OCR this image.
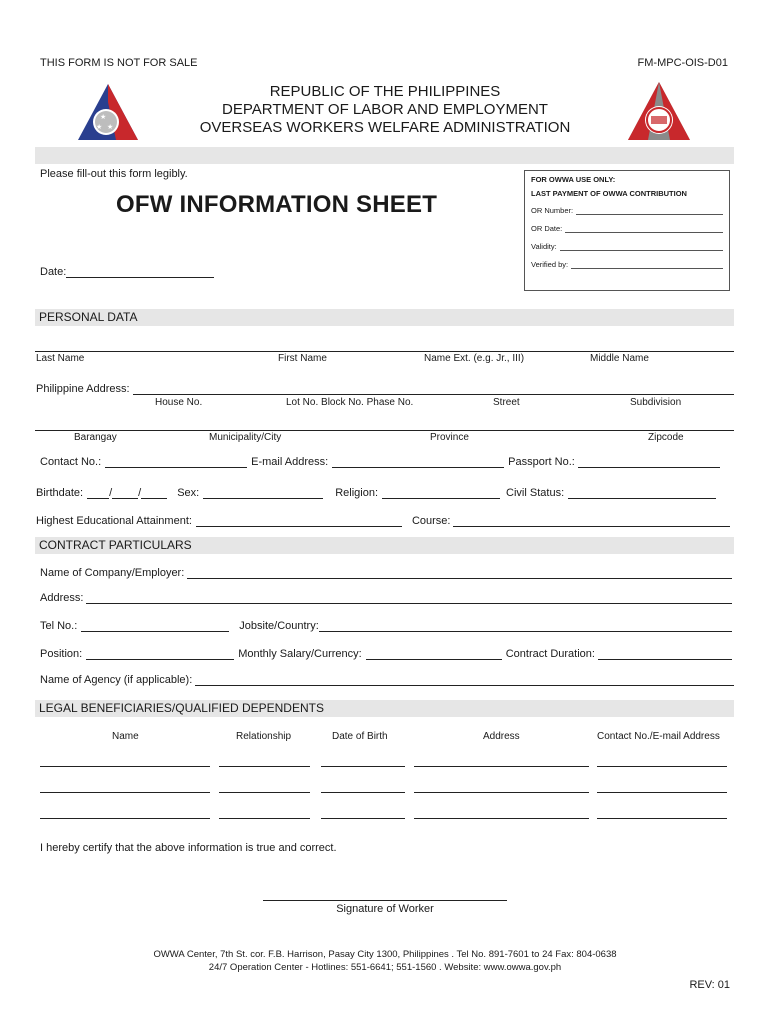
THIS FORM IS NOT FOR SALE	FM-MPC-OIS-D01
★
★
★
REPUBLIC OF THE PHILIPPINES
DEPARTMENT OF LABOR AND EMPLOYMENT
OVERSEAS WORKERS WELFARE ADMINISTRATION
Please fill-out this form legibly.
OFW INFORMATION SHEET
Date:
FOR OWWA USE ONLY:
LAST PAYMENT OF OWWA CONTRIBUTION
OR Number:
OR Date:
Validity:
Verified by:
PERSONAL DATA
Last Name	First Name	Name Ext. (e.g. Jr., III)	Middle Name
Philippine Address:
House No.	Lot No. Block No. Phase No.	Street	Subdivision
Barangay	Municipality/City	Province	Zipcode
Contact No.:	E-mail Address:	Passport No.:
Birthdate: / /	Sex:	Religion:	Civil Status:
Highest Educational Attainment:	Course:
CONTRACT PARTICULARS
Name of Company/Employer:
Address:
Tel No.:	Jobsite/Country:
Position:	Monthly Salary/Currency:	Contract Duration:
Name of Agency (if applicable):
LEGAL BENEFICIARIES/QUALIFIED DEPENDENTS
Name	Relationship	Date of Birth	Address	Contact No./E-mail Address
I hereby certify that the above information is true and correct.
Signature of Worker
OWWA Center, 7th St. cor. F.B. Harrison, Pasay City 1300, Philippines . Tel No. 891-7601 to 24 Fax: 804-0638
24/7 Operation Center - Hotlines: 551-6641; 551-1560 . Website: www.owwa.gov.ph
REV: 01
